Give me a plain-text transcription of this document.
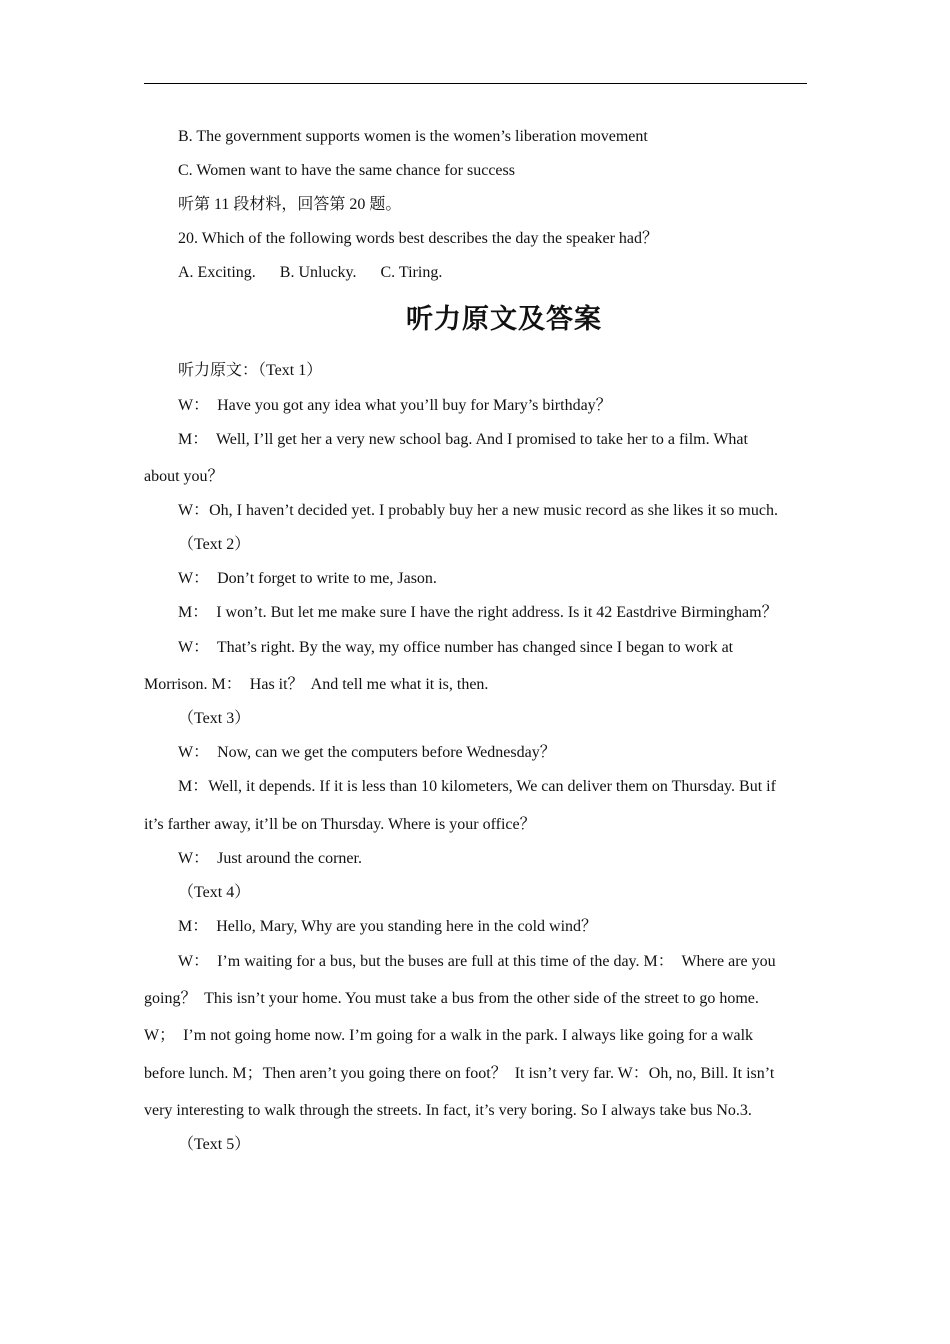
B. The government supports women is the women’s liberation movement
C. Women want to have the same chance for success
听第 11 段材料，回答第 20 题。
20. Which of the following words best describes the day the speaker had？
A. Exciting.      B. Unlucky.      C. Tiring.
听力原文及答案
听力原文：（Text 1）
W：  Have you got any idea what you’ll buy for Mary’s birthday？
M：  Well, I’ll get her a very new school bag. And I promised to take her to a film. What
about you？
W：Oh, I haven’t decided yet. I probably buy her a new music record as she likes it so much.
（Text 2）
W：  Don’t forget to write to me, Jason.
M：  I won’t. But let me make sure I have the right address. Is it 42 Eastdrive Birmingham？
W：  That’s right. By the way, my office number has changed since I began to work at
Morrison. M：  Has it？  And tell me what it is, then.
（Text 3）
W：  Now, can we get the computers before Wednesday？
M：Well, it depends. If it is less than 10 kilometers, We can deliver them on Thursday. But if
it’s farther away, it’ll be on Thursday. Where is your office？
W：  Just around the corner.
（Text 4）
M：  Hello, Mary, Why are you standing here in the cold wind？
W：  I’m waiting for a bus, but the buses are full at this time of the day. M：  Where are you
going？  This isn’t your home. You must take a bus from the other side of the street to go home.
W；  I’m not going home now. I’m going for a walk in the park. I always like going for a walk
before lunch. M；Then aren’t you going there on foot？  It isn’t very far. W：Oh, no, Bill. It isn’t
very interesting to walk through the streets. In fact, it’s very boring. So I always take bus No.3.
（Text 5）
